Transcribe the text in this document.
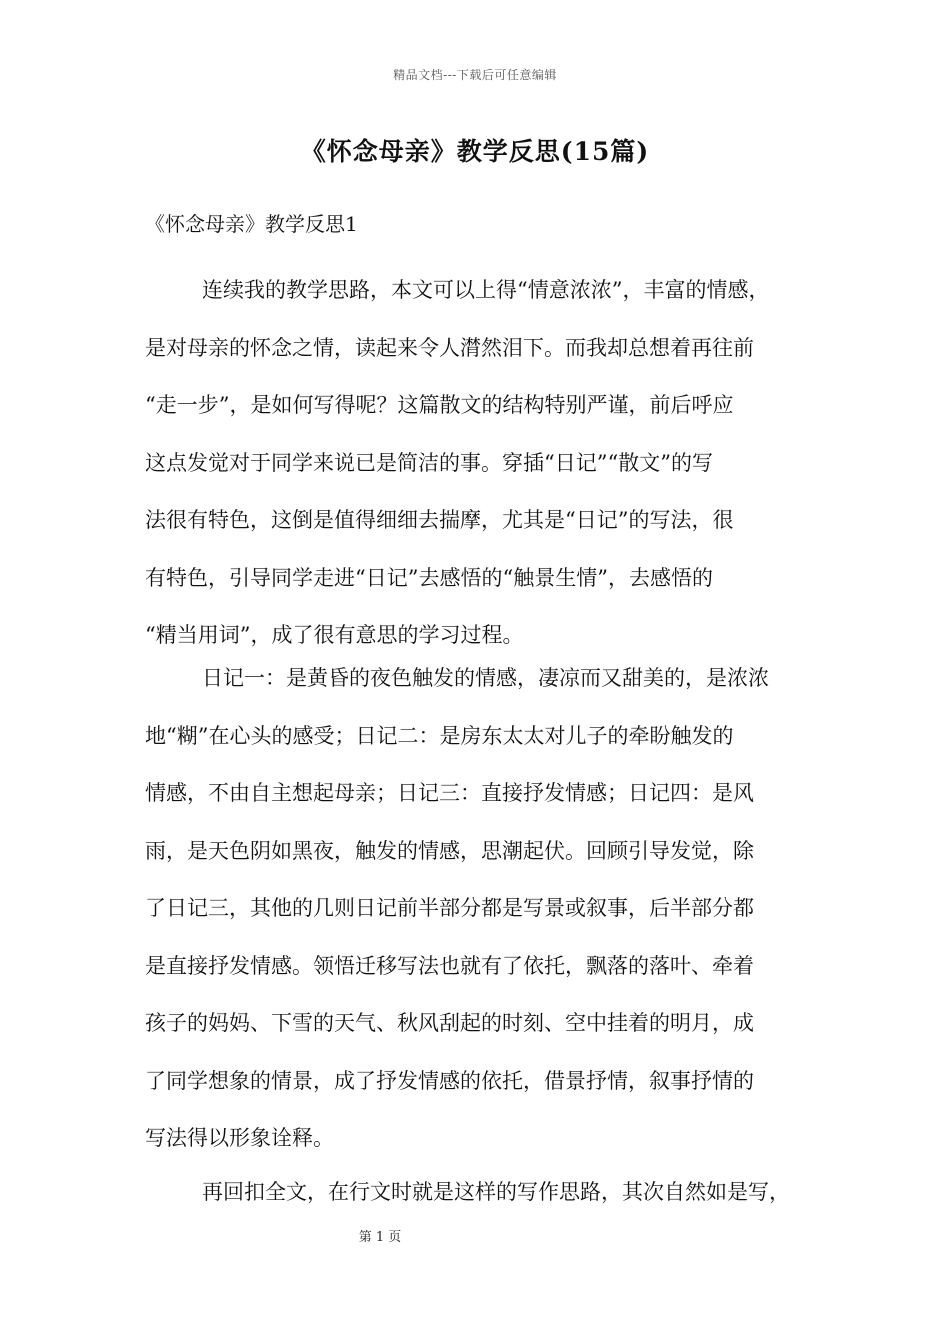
精品文档---下载后可任意编辑
《怀念母亲》教学反思(15篇)
《怀念母亲》教学反思1
连续我的教学思路，本文可以上得“情意浓浓”，丰富的情感，
是对母亲的怀念之情，读起来令人潸然泪下。而我却总想着再往前
“走一步”，是如何写得呢？这篇散文的结构特别严谨，前后呼应
这点发觉对于同学来说已是简洁的事。穿插“日记”“散文”的写
法很有特色，这倒是值得细细去揣摩，尤其是“日记”的写法，很
有特色，引导同学走进“日记”去感悟的“触景生情”，去感悟的
“精当用词”，成了很有意思的学习过程。
日记一：是黄昏的夜色触发的情感，凄凉而又甜美的，是浓浓
地“糊”在心头的感受；日记二：是房东太太对儿子的牵盼触发的
情感，不由自主想起母亲；日记三：直接抒发情感；日记四：是风
雨，是天色阴如黑夜，触发的情感，思潮起伏。回顾引导发觉，除
了日记三，其他的几则日记前半部分都是写景或叙事，后半部分都
是直接抒发情感。领悟迁移写法也就有了依托，飘落的落叶、牵着
孩子的妈妈、下雪的天气、秋风刮起的时刻、空中挂着的明月，成
了同学想象的情景，成了抒发情感的依托，借景抒情，叙事抒情的
写法得以形象诠释。
再回扣全文，在行文时就是这样的写作思路，其次自然如是写，
第 1 页
